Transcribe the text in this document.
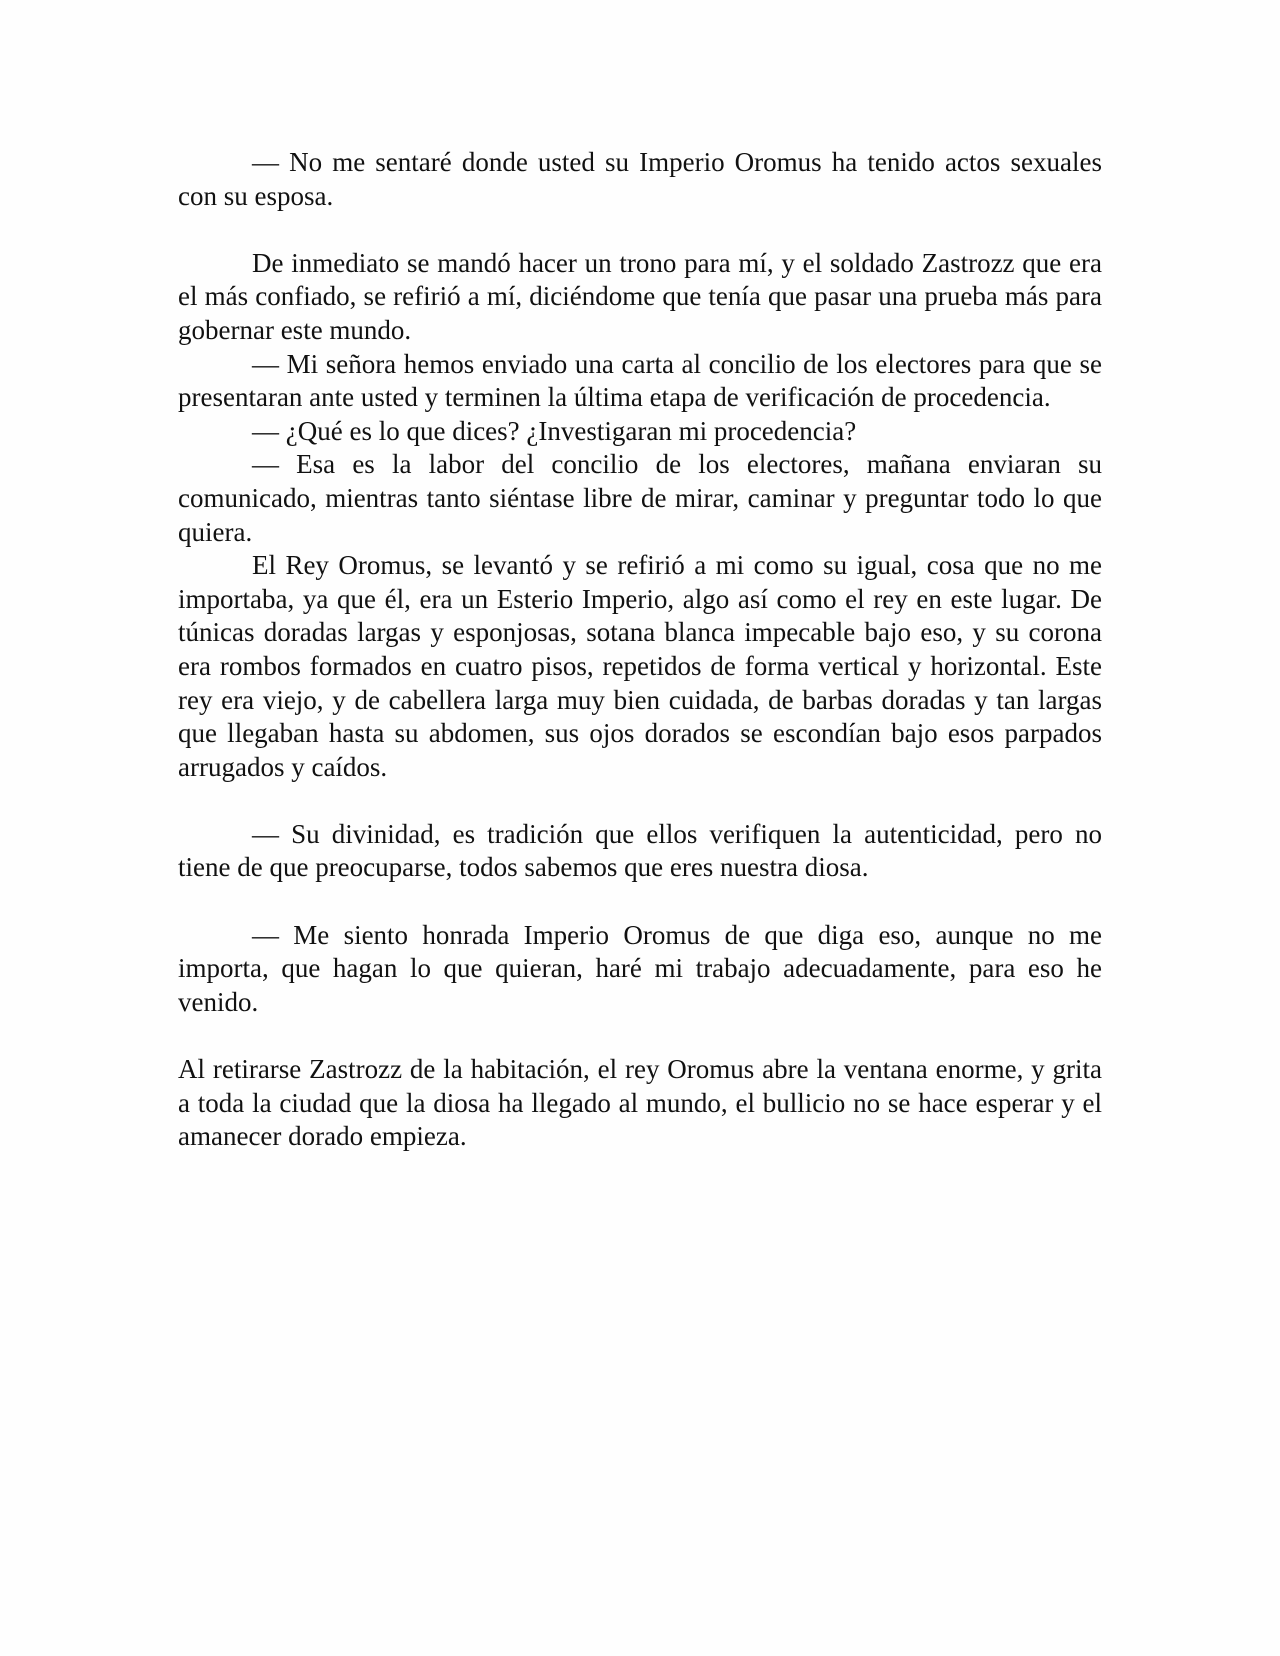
— No me sentaré donde usted su Imperio Oromus ha tenido actos sexuales con su esposa.

De inmediato se mandó hacer un trono para mí, y el soldado Zastrozz que era el más confiado, se refirió a mí, diciéndome que tenía que pasar una prueba más para gobernar este mundo.

— Mi señora hemos enviado una carta al concilio de los electores para que se presentaran ante usted y terminen la última etapa de verificación de procedencia.

— ¿Qué es lo que dices? ¿Investigaran mi procedencia?

— Esa es la labor del concilio de los electores, mañana enviaran su comunicado, mientras tanto siéntase libre de mirar, caminar y preguntar todo lo que quiera.

El Rey Oromus, se levantó y se refirió a mi como su igual, cosa que no me importaba, ya que él, era un Esterio Imperio, algo así como el rey en este lugar. De túnicas doradas largas y esponjosas, sotana blanca impecable bajo eso, y su corona era rombos formados en cuatro pisos, repetidos de forma vertical y horizontal. Este rey era viejo, y de cabellera larga muy bien cuidada, de barbas doradas y tan largas que llegaban hasta su abdomen, sus ojos dorados se escondían bajo esos parpados arrugados y caídos.

— Su divinidad, es tradición que ellos verifiquen la autenticidad, pero no tiene de que preocuparse, todos sabemos que eres nuestra diosa.

— Me siento honrada Imperio Oromus de que diga eso, aunque no me importa, que hagan lo que quieran, haré mi trabajo adecuadamente, para eso he venido.

Al retirarse Zastrozz de la habitación, el rey Oromus abre la ventana enorme, y grita a toda la ciudad que la diosa ha llegado al mundo, el bullicio no se hace esperar y el amanecer dorado empieza.
